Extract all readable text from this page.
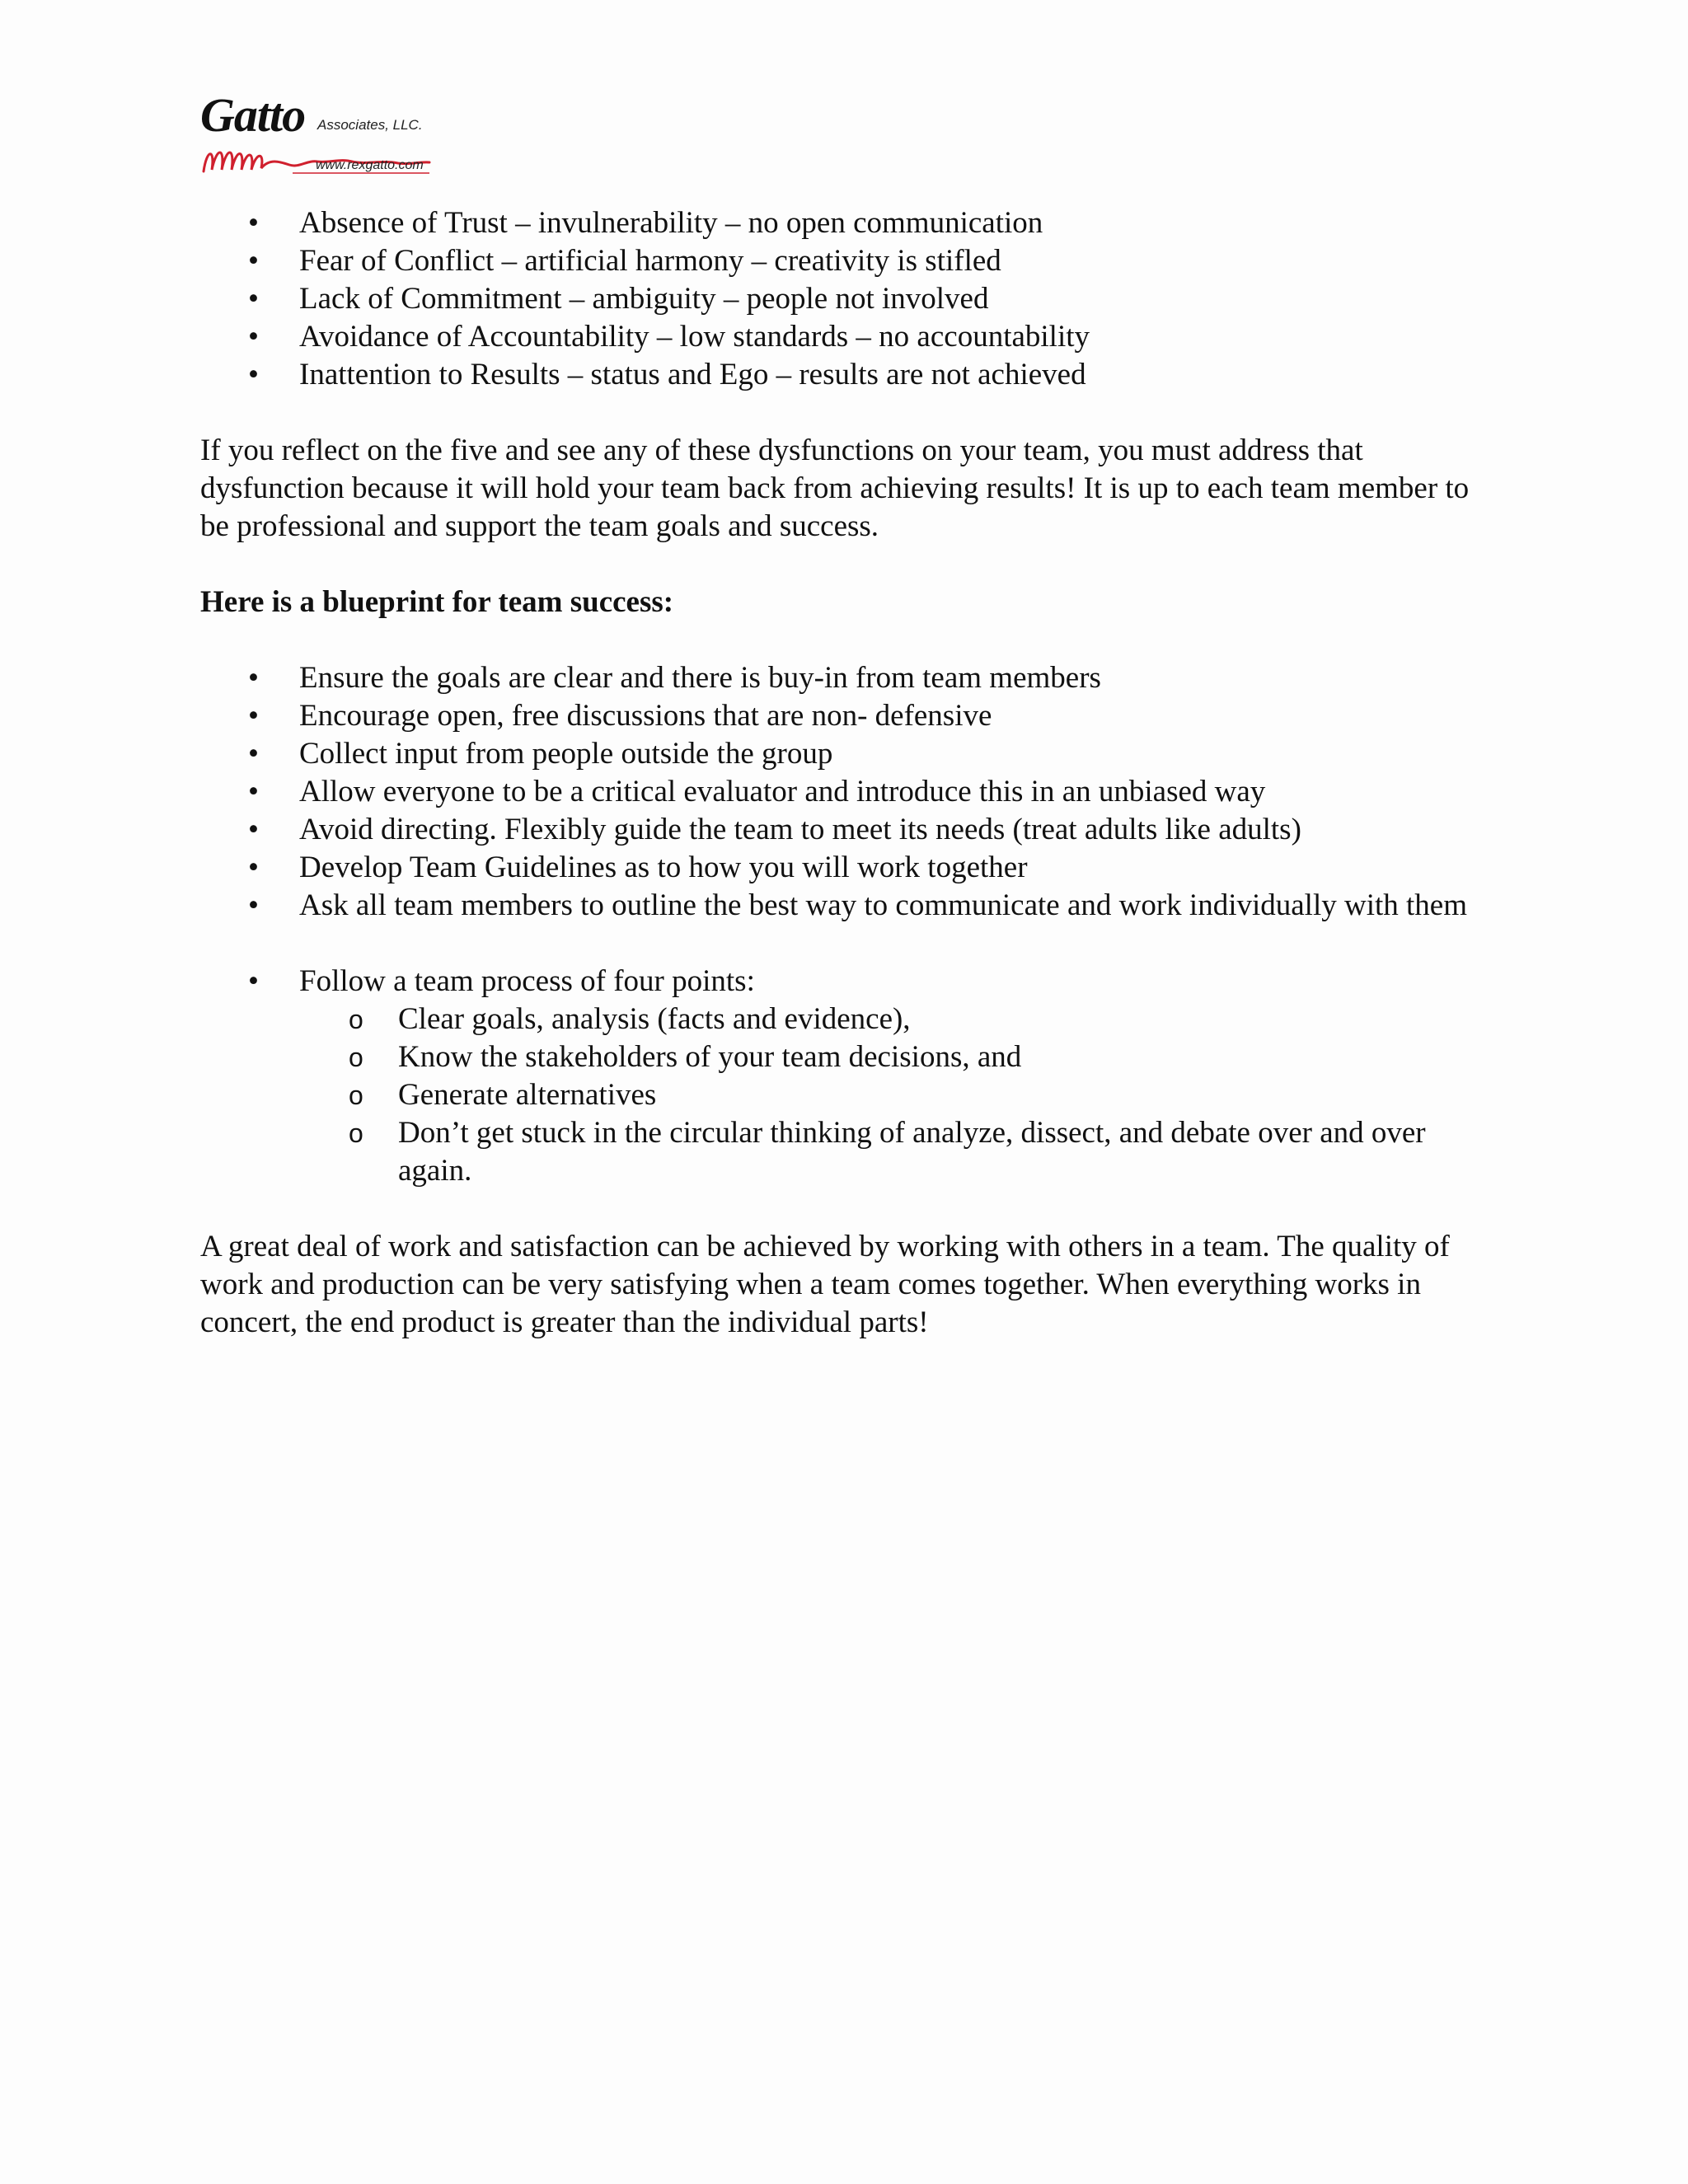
Gatto Associates, LLC.
www.rexgatto.com
• Absence of Trust – invulnerability – no open communication
• Fear of Conflict – artificial harmony – creativity is stifled
• Lack of Commitment – ambiguity – people not involved
• Avoidance of Accountability – low standards – no accountability
• Inattention to Results – status and Ego – results are not achieved

If you reflect on the five and see any of these dysfunctions on your team, you must address that dysfunction because it will hold your team back from achieving results! It is up to each team member to be professional and support the team goals and success.

Here is a blueprint for team success:

• Ensure the goals are clear and there is buy-in from team members
• Encourage open, free discussions that are non- defensive
• Collect input from people outside the group
• Allow everyone to be a critical evaluator and introduce this in an unbiased way
• Avoid directing. Flexibly guide the team to meet its needs (treat adults like adults)
• Develop Team Guidelines as to how you will work together
• Ask all team members to outline the best way to communicate and work individually with them
• Follow a team process of four points:
o Clear goals, analysis (facts and evidence),
o Know the stakeholders of your team decisions, and
o Generate alternatives
o Don’t get stuck in the circular thinking of analyze, dissect, and debate over and over again.

A great deal of work and satisfaction can be achieved by working with others in a team. The quality of work and production can be very satisfying when a team comes together. When everything works in concert, the end product is greater than the individual parts!
